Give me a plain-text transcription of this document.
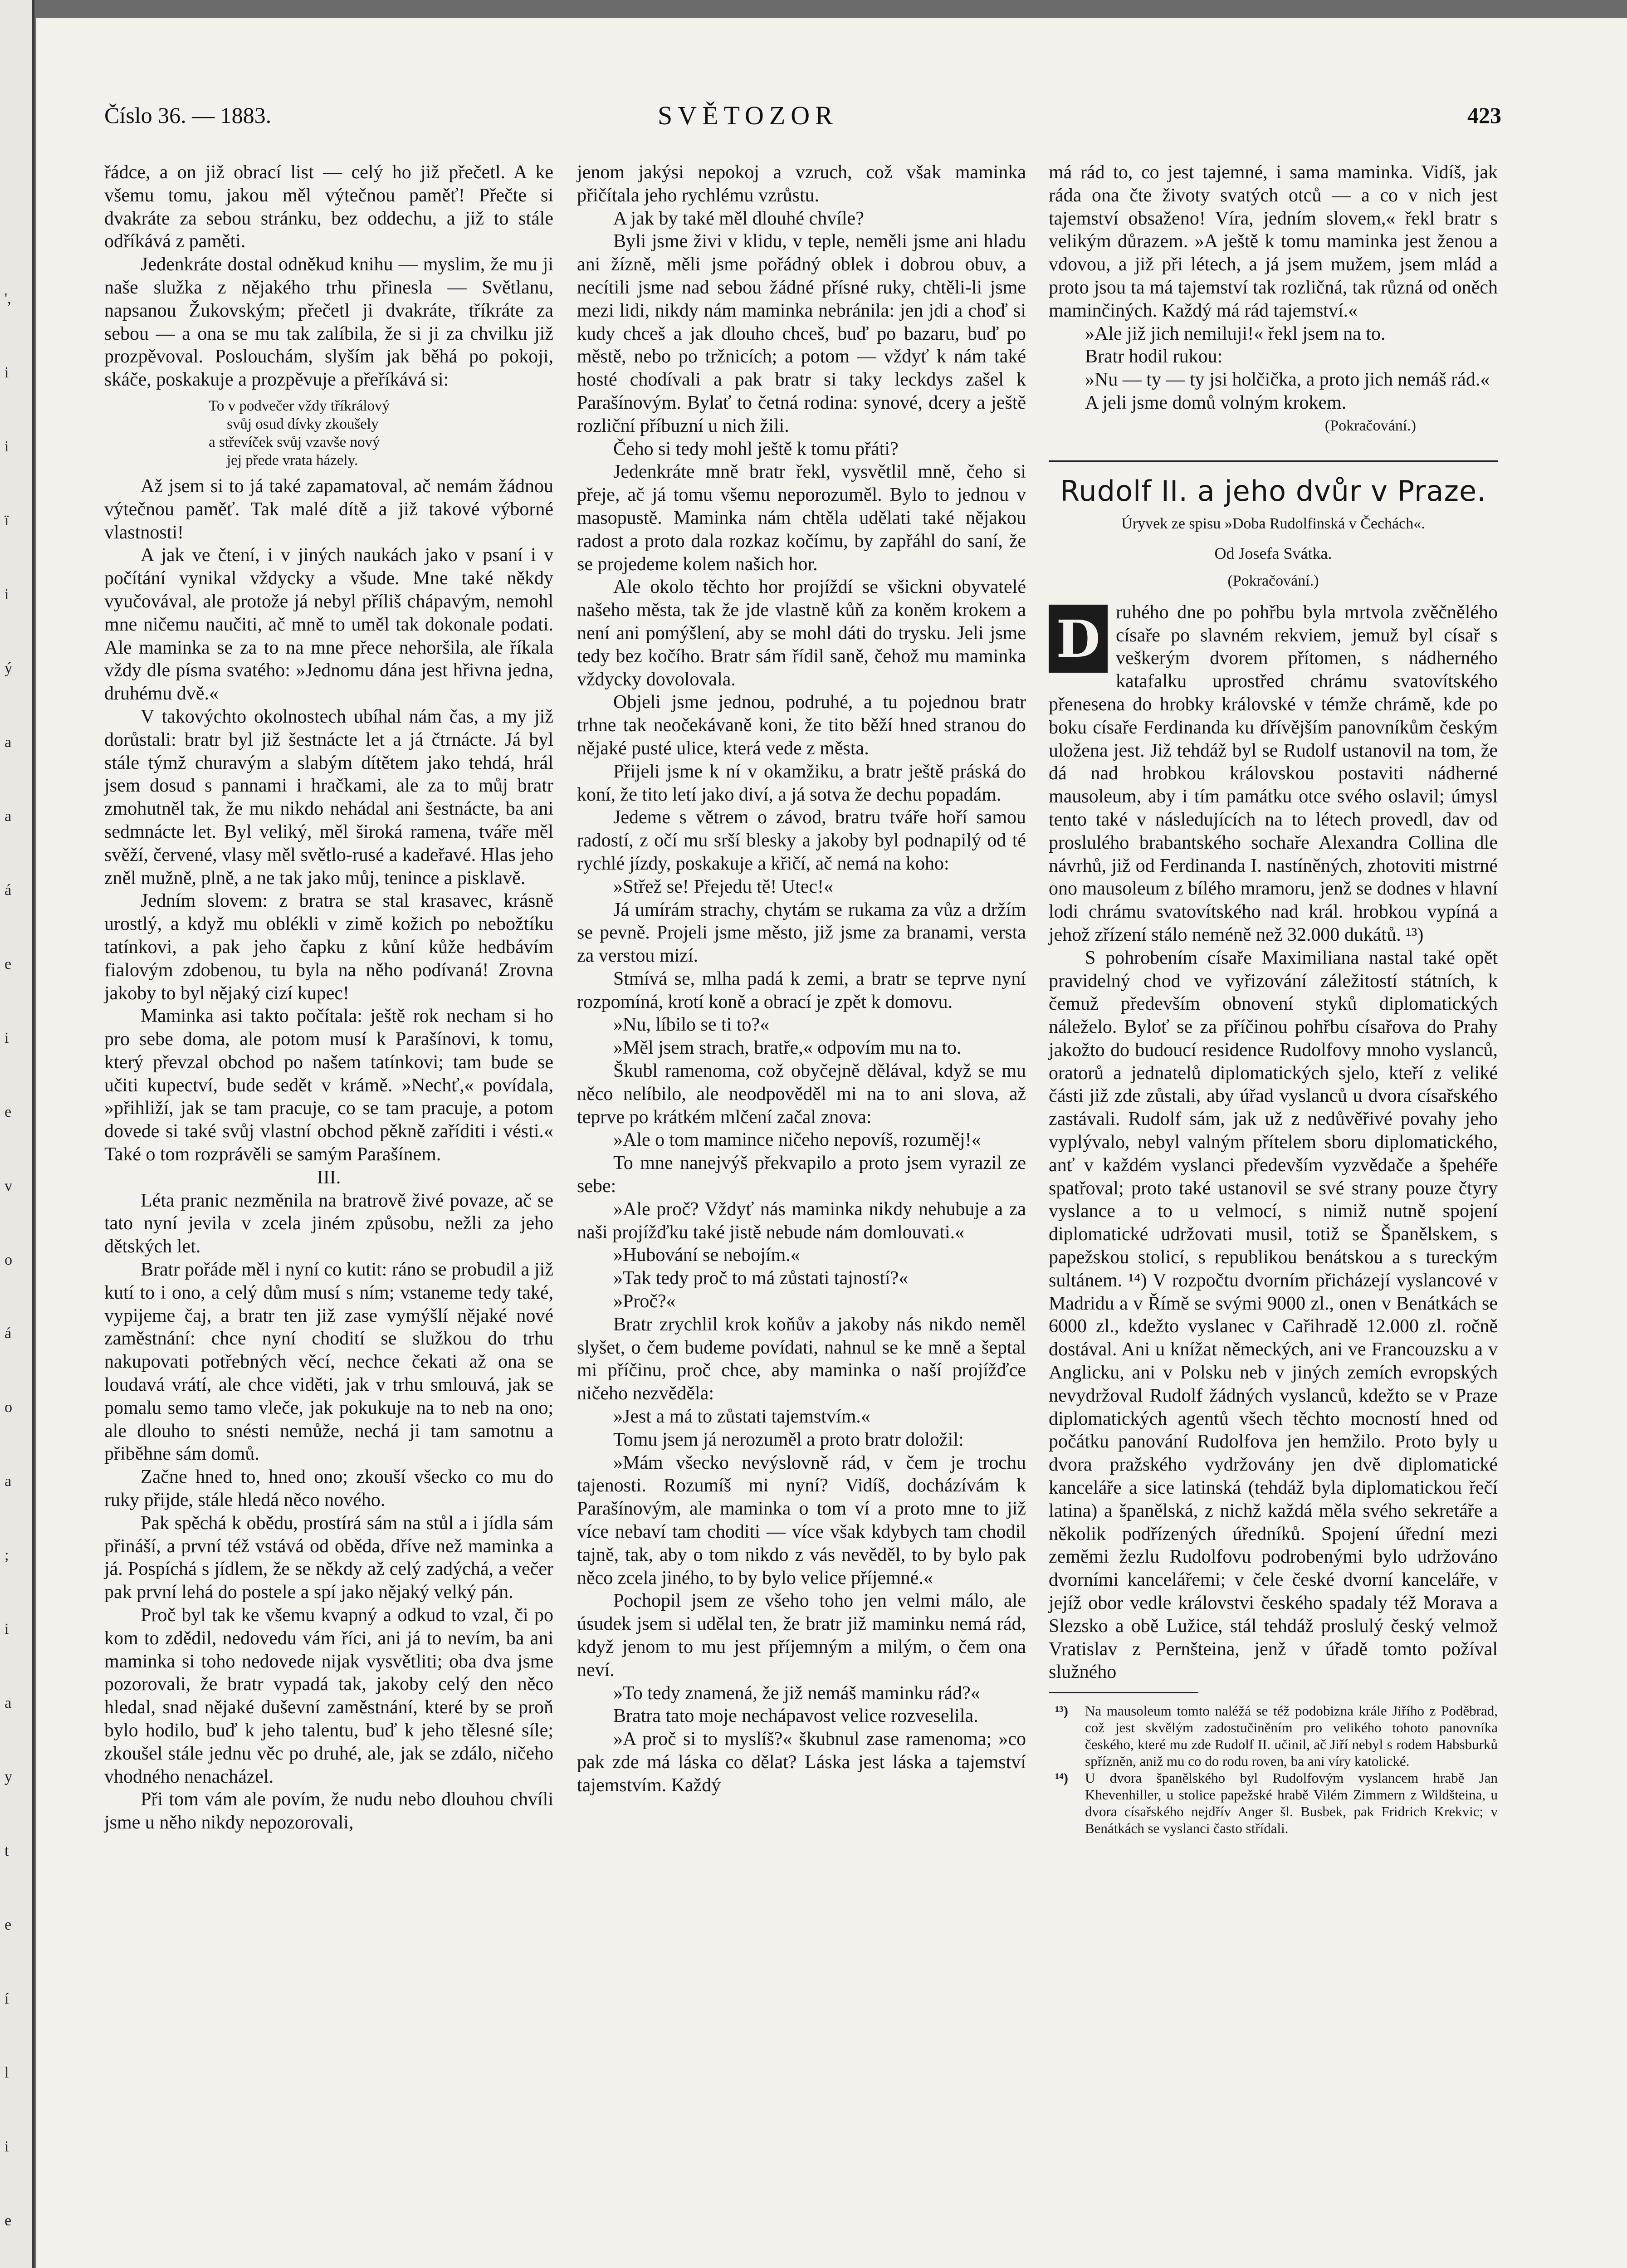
',
i
i
ï
i
ý
a
a
á
e
i
e
v
o
á
o
a
;
i
a
y
t
e
í
l
i
e
Číslo 36. — 1883.	SVĚTOZOR	423

řádce, a on již obrací list — celý ho již přečetl. A ke všemu tomu, jakou měl výtečnou paměť! Přečte si dvakráte za sebou stránku, bez oddechu, a již to stále odříkává z paměti.

Jedenkráte dostal odněkud knihu — myslim, že mu ji naše služka z nějakého trhu přinesla — Světlanu, napsanou Žukovským; přečetl ji dvakráte, tříkráte za sebou — a ona se mu tak zalíbila, že si ji za chvilku již prozpěvoval. Poslouchám, slyším jak běhá po pokoji, skáče, poskakuje a prozpěvuje a přeříkává si:

To v podvečer vždy tříkrálový
svůj osud dívky zkoušely
a střevíček svůj vzavše nový
jej přede vrata házely.

Až jsem si to já také zapamatoval, ač nemám žádnou výtečnou paměť. Tak malé dítě a již takové výborné vlastnosti!

A jak ve čtení, i v jiných naukách jako v psaní i v počítání vynikal vždycky a všude. Mne také někdy vyučovával, ale protože já nebyl příliš chápavým, nemohl mne ničemu naučiti, ač mně to uměl tak dokonale podati. Ale maminka se za to na mne přece nehoršila, ale říkala vždy dle písma svatého: »Jednomu dána jest hřivna jedna, druhému dvě.«

V takovýchto okolnostech ubíhal nám čas, a my již dorůstali: bratr byl již šestnácte let a já čtrnácte. Já byl stále týmž churavým a slabým dítětem jako tehdá, hrál jsem dosud s pannami i hračkami, ale za to můj bratr zmohutněl tak, že mu nikdo nehádal ani šestnácte, ba ani sedmnácte let. Byl veliký, měl široká ramena, tváře měl svěží, červené, vlasy měl světlo-rusé a kadeřavé. Hlas jeho zněl mužně, plně, a ne tak jako můj, tenince a pisklavě.

Jedním slovem: z bratra se stal krasavec, krásně urostlý, a když mu oblékli v zimě kožich po nebožtíku tatínkovi, a pak jeho čapku z kůní kůže hedbávím fialovým zdobenou, tu byla na něho podívaná! Zrovna jakoby to byl nějaký cizí kupec!

Maminka asi takto počítala: ještě rok necham si ho pro sebe doma, ale potom musí k Parašínovi, k tomu, který převzal obchod po našem tatínkovi; tam bude se učiti kupectví, bude sedět v krámě. »Nechť,« povídala, »přihliží, jak se tam pracuje, co se tam pracuje, a potom dovede si také svůj vlastní obchod pěkně zaříditi i vésti.« Také o tom rozprávěli se samým Parašínem.

III.

Léta pranic nezměnila na bratrově živé povaze, ač se tato nyní jevila v zcela jiném způsobu, nežli za jeho dětských let.

Bratr pořáde měl i nyní co kutit: ráno se probudil a již kutí to i ono, a celý dům musí s ním; vstaneme tedy také, vypijeme čaj, a bratr ten již zase vymýšlí nějaké nové zaměstnání: chce nyní chodití se služkou do trhu nakupovati potřebných věcí, nechce čekati až ona se loudavá vrátí, ale chce viděti, jak v trhu smlouvá, jak se pomalu semo tamo vleče, jak pokukuje na to neb na ono; ale dlouho to snésti nemůže, nechá ji tam samotnu a přiběhne sám domů.

Začne hned to, hned ono; zkouší všecko co mu do ruky přijde, stále hledá něco nového.

Pak spěchá k obědu, prostírá sám na stůl a i jídla sám přináší, a první též vstává od oběda, dříve než maminka a já. Pospíchá s jídlem, že se někdy až celý zadýchá, a večer pak první lehá do postele a spí jako nějaký velký pán.

Proč byl tak ke všemu kvapný a odkud to vzal, či po kom to zdědil, nedovedu vám říci, ani já to nevím, ba ani maminka si toho nedovede nijak vysvětliti; oba dva jsme pozorovali, že bratr vypadá tak, jakoby celý den něco hledal, snad nějaké duševní zaměstnání, které by se proň bylo hodilo, buď k jeho talentu, buď k jeho tělesné síle; zkoušel stále jednu věc po druhé, ale, jak se zdálo, ničeho vhodného nenacházel.

Při tom vám ale povím, že nudu nebo dlouhou chvíli jsme u něho nikdy nepozorovali,

jenom jakýsi nepokoj a vzruch, což však maminka přičítala jeho rychlému vzrůstu.

A jak by také měl dlouhé chvíle?

Byli jsme živi v klidu, v teple, neměli jsme ani hladu ani žízně, měli jsme pořádný oblek i dobrou obuv, a necítili jsme nad sebou žádné přísné ruky, chtěli-li jsme mezi lidi, nikdy nám maminka nebránila: jen jdi a choď si kudy chceš a jak dlouho chceš, buď po bazaru, buď po městě, nebo po tržnicích; a potom — vždyť k nám také hosté chodívali a pak bratr si taky leckdys zašel k Parašínovým. Bylať to četná rodina: synové, dcery a ještě rozliční příbuzní u nich žili.

Čeho si tedy mohl ještě k tomu přáti?

Jedenkráte mně bratr řekl, vysvětlil mně, čeho si přeje, ač já tomu všemu neporozuměl. Bylo to jednou v masopustě. Maminka nám chtěla udělati také nějakou radost a proto dala rozkaz kočímu, by zapřáhl do saní, že se projedeme kolem našich hor.

Ale okolo těchto hor projíždí se všickni obyvatelé našeho města, tak že jde vlastně kůň za koněm krokem a není ani pomýšlení, aby se mohl dáti do trysku. Jeli jsme tedy bez kočího. Bratr sám řídil saně, čehož mu maminka vždycky dovolovala.

Objeli jsme jednou, podruhé, a tu pojednou bratr trhne tak neočekávaně koni, že tito běží hned stranou do nějaké pusté ulice, která vede z města.

Přijeli jsme k ní v okamžiku, a bratr ještě práská do koní, že tito letí jako diví, a já sotva že dechu popadám.

Jedeme s větrem o závod, bratru tváře hoří samou radostí, z očí mu srší blesky a jakoby byl podnapilý od té rychlé jízdy, poskakuje a křičí, ač nemá na koho:

»Střež se! Přejedu tě! Utec!«

Já umírám strachy, chytám se rukama za vůz a držím se pevně. Projeli jsme město, již jsme za branami, versta za verstou mizí.

Stmívá se, mlha padá k zemi, a bratr se teprve nyní rozpomíná, krotí koně a obrací je zpět k domovu.

»Nu, líbilo se ti to?«

»Měl jsem strach, bratře,« odpovím mu na to.

Škubl ramenoma, což obyčejně dělával, když se mu něco nelíbilo, ale neodpověděl mi na to ani slova, až teprve po krátkém mlčení začal znova:

»Ale o tom mamince ničeho nepovíš, rozuměj!«

To mne nanejvýš překvapilo a proto jsem vyrazil ze sebe:

»Ale proč? Vždyť nás maminka nikdy nehubuje a za naši projížďku také jistě nebude nám domlouvati.«

»Hubování se nebojím.«

»Tak tedy proč to má zůstati tajností?«

»Proč?«

Bratr zrychlil krok koňův a jakoby nás nikdo neměl slyšet, o čem budeme povídati, nahnul se ke mně a šeptal mi příčinu, proč chce, aby maminka o naší projížďce ničeho nezvěděla:

»Jest a má to zůstati tajemstvím.«

Tomu jsem já nerozuměl a proto bratr doložil:

»Mám všecko nevýslovně rád, v čem je trochu tajenosti. Rozumíš mi nyní? Vidíš, docházívám k Parašínovým, ale maminka o tom ví a proto mne to již více nebaví tam choditi — více však kdybych tam chodil tajně, tak, aby o tom nikdo z vás nevěděl, to by bylo pak něco zcela jiného, to by bylo velice příjemné.«

Pochopil jsem ze všeho toho jen velmi málo, ale úsudek jsem si udělal ten, že bratr již maminku nemá rád, když jenom to mu jest příjemným a milým, o čem ona neví.

»To tedy znamená, že již nemáš maminku rád?«

Bratra tato moje nechápavost velice rozveselila.

»A proč si to myslíš?« škubnul zase ramenoma; »co pak zde má láska co dělat? Láska jest láska a tajemství tajemstvím. Každý

má rád to, co jest tajemné, i sama maminka. Vidíš, jak ráda ona čte životy svatých otců — a co v nich jest tajemství obsaženo! Víra, jedním slovem,« řekl bratr s velikým důrazem. »A ještě k tomu maminka jest ženou a vdovou, a již při létech, a já jsem mužem, jsem mlád a proto jsou ta má tajemství tak rozličná, tak různá od oněch maminčiných. Každý má rád tajemství.«

»Ale již jich nemiluji!« řekl jsem na to.

Bratr hodil rukou:

»Nu — ty — ty jsi holčička, a proto jich nemáš rád.«

A jeli jsme domů volným krokem.

(Pokračování.)

Rudolf II. a jeho dvůr v Praze.
Úryvek ze spisu »Doba Rudolfinská v Čechách«.
Od Josefa Svátka.
(Pokračování.)
D ruhého dne po pohřbu byla mrtvola zvěčnělého císaře po slavném rekviem, jemuž byl císař s veškerým dvorem přítomen, s nádherného katafalku uprostřed chrámu svatovítského přenesena do hrobky královské v témže chrámě, kde po boku císaře Ferdinanda ku dřívějším panovníkům českým uložena jest. Již tehdáž byl se Rudolf ustanovil na tom, že dá nad hrobkou královskou postaviti nádherné mausoleum, aby i tím památku otce svého oslavil; úmysl tento také v následujících na to létech provedl, dav od proslulého brabantského sochaře Alexandra Collina dle návrhů, již od Ferdinanda I. nastíněných, zhotoviti mistrné ono mausoleum z bílého mramoru, jenž se dodnes v hlavní lodi chrámu svatovítského nad král. hrobkou vypíná a jehož zřízení stálo neméně než 32.000 dukátů. ¹³)

S pohrobením císaře Maximiliana nastal také opět pravidelný chod ve vyřizování záležitostí státních, k čemuž především obnovení styků diplomatických náleželo. Byloť se za příčinou pohřbu císařova do Prahy jakožto do budoucí residence Rudolfovy mnoho vyslanců, oratorů a jednatelů diplomatických sjelo, kteří z veliké části již zde zůstali, aby úřad vyslanců u dvora císařského zastávali. Rudolf sám, jak už z nedůvěřivé povahy jeho vyplývalo, nebyl valným přítelem sboru diplomatického, anť v každém vyslanci především vyzvědače a špehéře spatřoval; proto také ustanovil se své strany pouze čtyry vyslance a to u velmocí, s nimiž nutně spojení diplomatické udržovati musil, totiž se Španělskem, s papežskou stolicí, s republikou benátskou a s tureckým sultánem. ¹⁴) V rozpočtu dvorním přicházejí vyslancové v Madridu a v Římě se svými 9000 zl., onen v Benátkách se 6000 zl., kdežto vyslanec v Cařihradě 12.000 zl. ročně dostával. Ani u knížat německých, ani ve Francouzsku a v Anglicku, ani v Polsku neb v jiných zemích evropských nevydržoval Rudolf žádných vyslanců, kdežto se v Praze diplomatických agentů všech těchto mocností hned od počátku panování Rudolfova jen hemžilo. Proto byly u dvora pražského vydržovány jen dvě diplomatické kanceláře a sice latinská (tehdáž byla diplomatickou řečí latina) a španělská, z nichž každá měla svého sekretáře a několik podřízených úředníků. Spojení úřední mezi zeměmi žezlu Rudolfovu podrobenými bylo udržováno dvorními kancelářemi; v čele české dvorní kanceláře, v jejíž obor vedle královstvi českého spadaly též Morava a Slezsko a obě Lužice, stál tehdáž proslulý český velmož Vratislav z Pernšteina, jenž v úřadě tomto požíval služného

¹³) Na mausoleum tomto naléžá se též podobizna krále Jiřího z Poděbrad, což jest skvělým zadostučiněním pro velikého tohoto panovníka českého, které mu zde Rudolf II. učinil, ač Jiří nebyl s rodem Habsburků spřízněn, aniž mu co do rodu roven, ba ani víry katolické.

¹⁴) U dvora španělského byl Rudolfovým vyslancem hrabě Jan Khevenhiller, u stolice papežské hrabě Vilém Zimmern z Wildšteina, u dvora císařského nejdřív Anger šl. Busbek, pak Fridrich Krekvic; v Benátkách se vyslanci často střídali.
